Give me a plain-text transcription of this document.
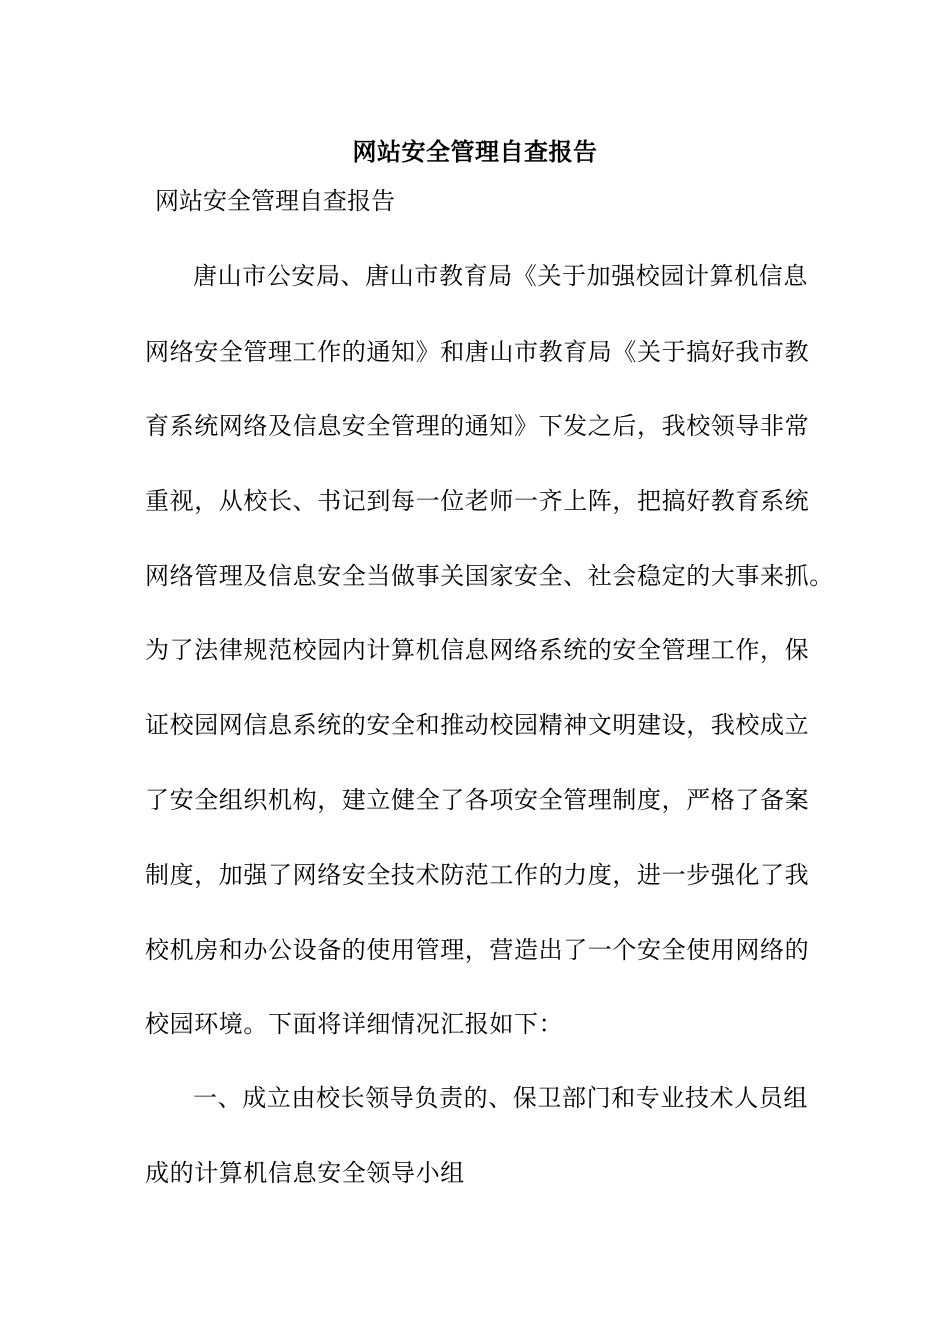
网站安全管理自查报告
网站安全管理自查报告
唐山市公安局、唐山市教育局《关于加强校园计算机信息
网络安全管理工作的通知》和唐山市教育局《关于搞好我市教
育系统网络及信息安全管理的通知》下发之后，我校领导非常
重视，从校长、书记到每一位老师一齐上阵，把搞好教育系统
网络管理及信息安全当做事关国家安全、社会稳定的大事来抓。
为了法律规范校园内计算机信息网络系统的安全管理工作，保
证校园网信息系统的安全和推动校园精神文明建设，我校成立
了安全组织机构，建立健全了各项安全管理制度，严格了备案
制度，加强了网络安全技术防范工作的力度，进一步强化了我
校机房和办公设备的使用管理，营造出了一个安全使用网络的
校园环境。下面将详细情况汇报如下：
一、成立由校长领导负责的、保卫部门和专业技术人员组
成的计算机信息安全领导小组
